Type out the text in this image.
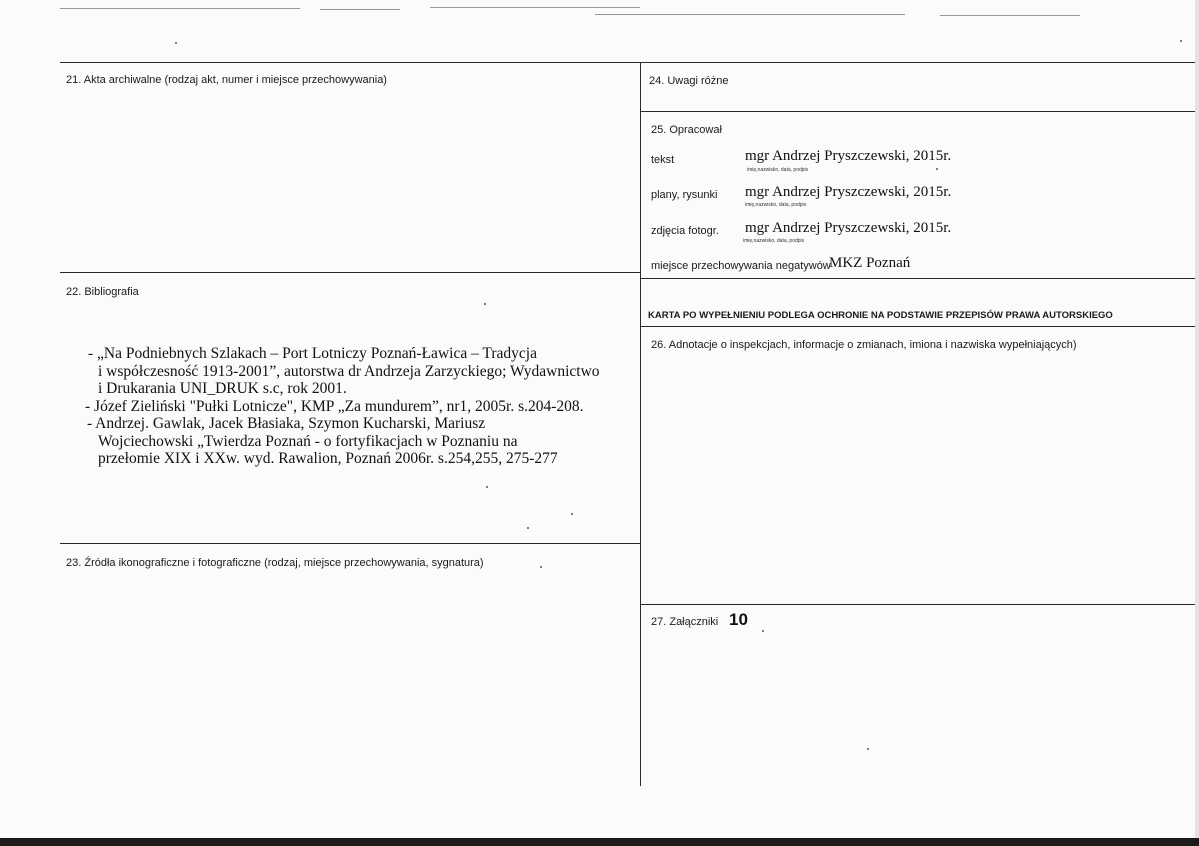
21. Akta archiwalne (rodzaj akt, numer i miejsce przechowywania)
22. Bibliografia
- „Na Podniebnych Szlakach – Port Lotniczy Poznań-Ławica – Tradycja
i współczesność 1913-2001”, autorstwa dr Andrzeja Zarzyckiego; Wydawnictwo
i Drukarania UNI_DRUK s.c, rok 2001.
- Józef Zieliński "Pułki Lotnicze", KMP „Za mundurem”, nr1, 2005r. s.204-208.
- Andrzej. Gawlak, Jacek Błasiaka, Szymon Kucharski, Mariusz
Wojciechowski „Twierdza Poznań - o fortyfikacjach w Poznaniu na
przełomie XIX i XXw. wyd. Rawalion, Poznań 2006r. s.254,255, 275-277
23. Źródła ikonograficzne i fotograficzne (rodzaj, miejsce przechowywania, sygnatura)
24. Uwagi różne
25. Opracował
tekst	mgr Andrzej Pryszczewski, 2015r.
imię,nazwisko, data, podpis
plany, rysunki mgr Andrzej Pryszczewski, 2015r.
imię,nazwisko, data, podpis
zdjęcia fotogr. mgr Andrzej Pryszczewski, 2015r.
imię,nazwisko, data, podpis
miejsce przechowywania negatywów
MKZ Poznań
KARTA PO WYPEŁNIENIU PODLEGA OCHRONIE NA PODSTAWIE PRZEPISÓW PRAWA AUTORSKIEGO
26. Adnotacje o inspekcjach, informacje o zmianach, imiona i nazwiska wypełniających)
27. Załączniki 10
